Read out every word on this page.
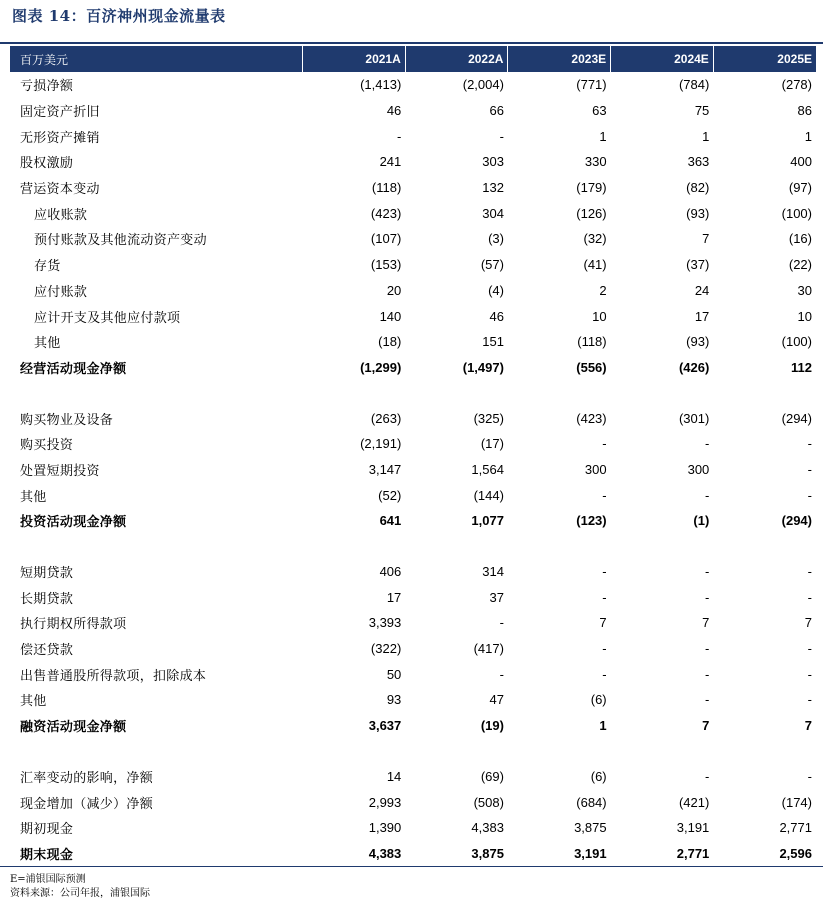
图表 14：百济神州现金流量表
百万美元	2021A	2022A	2023E	2024E	2025E
亏损净额	(1,413)	(2,004)	(771)	(784)	(278)
固定资产折旧	46	66	63	75	86
无形资产摊销	-	-	1	1	1
股权激励	241	303	330	363	400
营运资本变动	(118)	132	(179)	(82)	(97)
应收账款	(423)	304	(126)	(93)	(100)
预付账款及其他流动资产变动	(107)	(3)	(32)	7	(16)
存货	(153)	(57)	(41)	(37)	(22)
应付账款	20	(4)	2	24	30
应计开支及其他应付款项	140	46	10	17	10
其他	(18)	151	(118)	(93)	(100)
经营活动现金净额	(1,299)	(1,497)	(556)	(426)	112

购买物业及设备	(263)	(325)	(423)	(301)	(294)
购买投资	(2,191)	(17)	-	-	-
处置短期投资	3,147	1,564	300	300	-
其他	(52)	(144)	-	-	-
投资活动现金净额	641	1,077	(123)	(1)	(294)

短期贷款	406	314	-	-	-
长期贷款	17	37	-	-	-
执行期权所得款项	3,393	-	7	7	7
偿还贷款	(322)	(417)	-	-	-
出售普通股所得款项，扣除成本	50	-	-	-	-
其他	93	47	(6)	-	-
融资活动现金净额	3,637	(19)	1	7	7

汇率变动的影响，净额	14	(69)	(6)	-	-
现金增加（减少）净额	2,993	(508)	(684)	(421)	(174)
期初现金	1,390	4,383	3,875	3,191	2,771
期末现金	4,383	3,875	3,191	2,771	2,596
E=浦银国际预测
资料来源：公司年报，浦银国际
